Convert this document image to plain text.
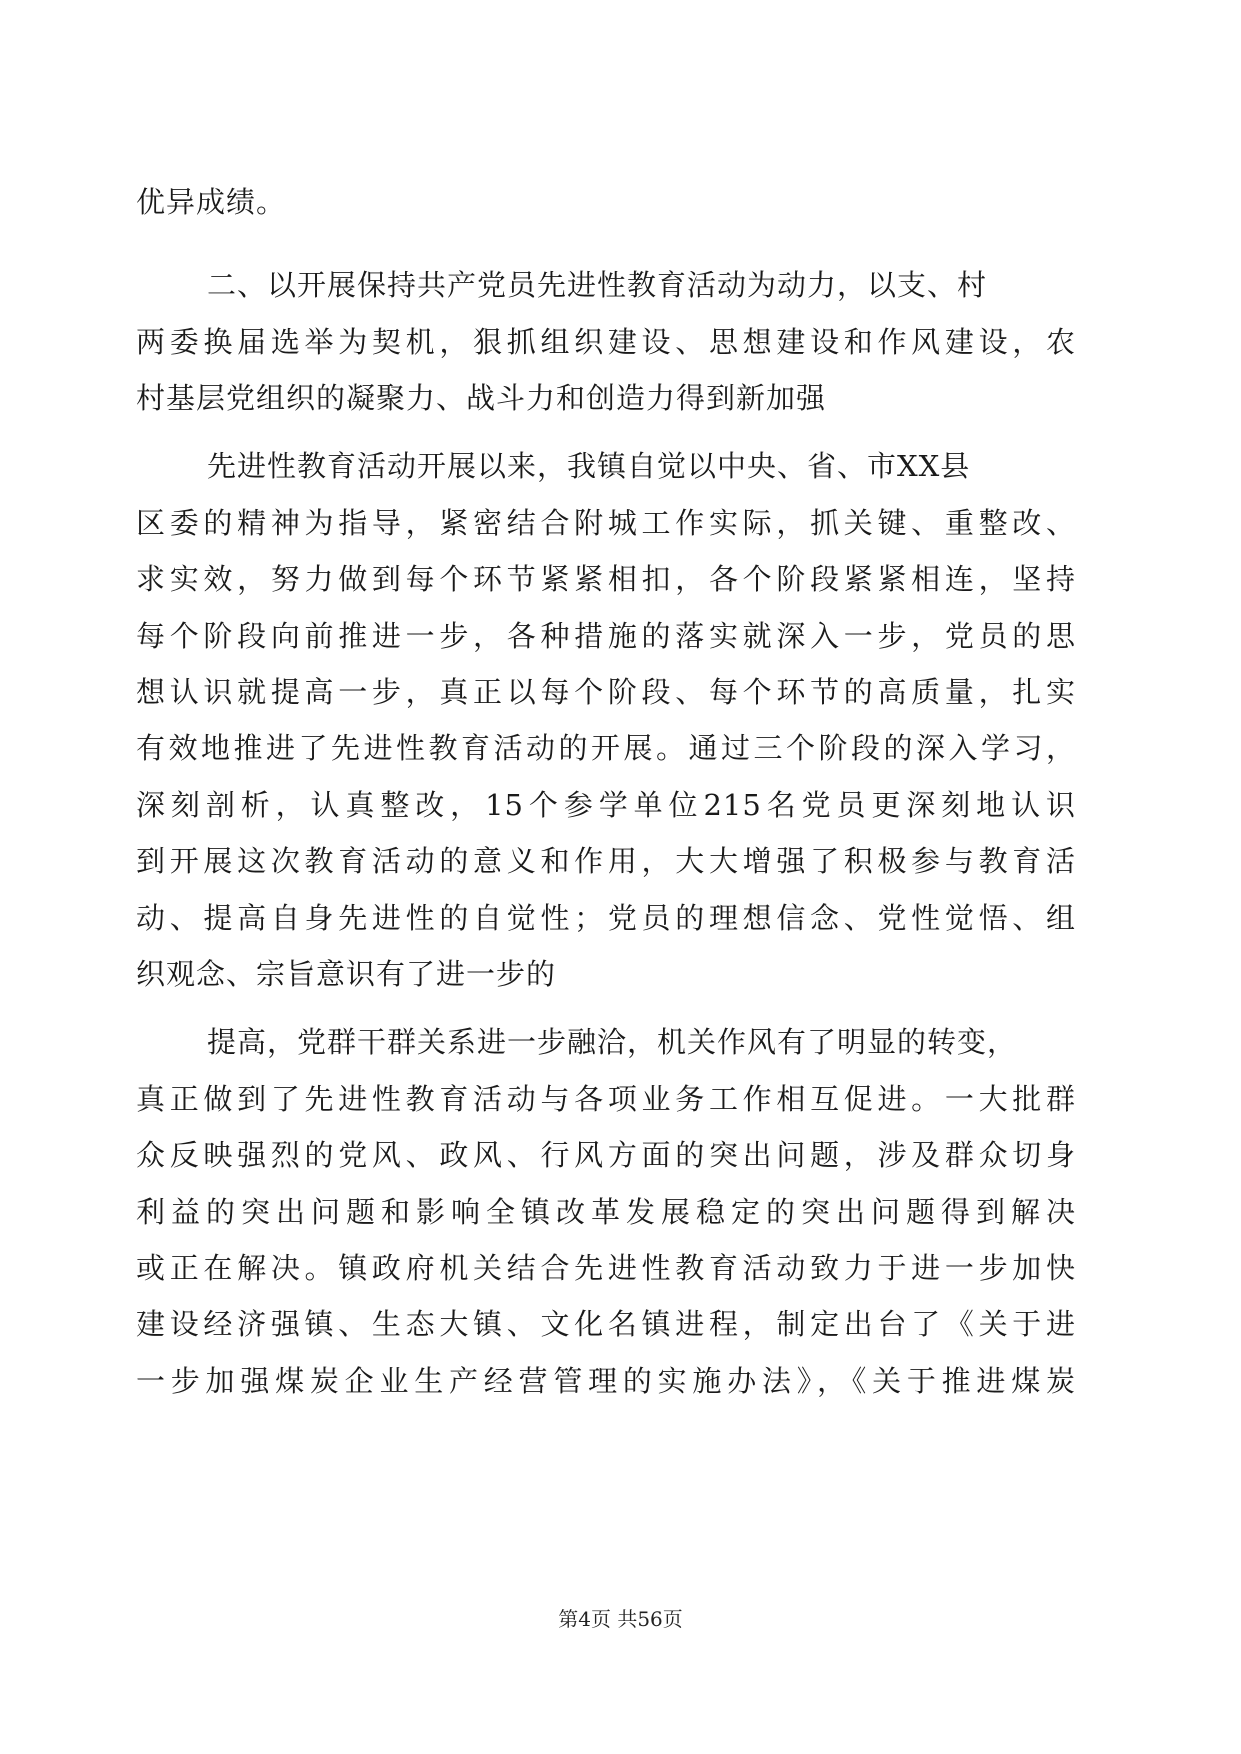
优异成绩。
二、以开展保持共产党员先进性教育活动为动力，以支、村
两委换届选举为契机，狠抓组织建设、思想建设和作风建设，农
村基层党组织的凝聚力、战斗力和创造力得到新加强
先进性教育活动开展以来，我镇自觉以中央、省、市XX县
区委的精神为指导，紧密结合附城工作实际，抓关键、重整改、
求实效，努力做到每个环节紧紧相扣，各个阶段紧紧相连，坚持
每个阶段向前推进一步，各种措施的落实就深入一步，党员的思
想认识就提高一步，真正以每个阶段、每个环节的高质量，扎实
有效地推进了先进性教育活动的开展。通过三个阶段的深入学习，
深刻剖析，认真整改，15个参学单位215名党员更深刻地认识
到开展这次教育活动的意义和作用，大大增强了积极参与教育活
动、提高自身先进性的自觉性；党员的理想信念、党性觉悟、组
织观念、宗旨意识有了进一步的
提高，党群干群关系进一步融洽，机关作风有了明显的转变，
真正做到了先进性教育活动与各项业务工作相互促进。一大批群
众反映强烈的党风、政风、行风方面的突出问题，涉及群众切身
利益的突出问题和影响全镇改革发展稳定的突出问题得到解决
或正在解决。镇政府机关结合先进性教育活动致力于进一步加快
建设经济强镇、生态大镇、文化名镇进程，制定出台了《关于进
一步加强煤炭企业生产经营管理的实施办法》，《关于推进煤炭
第4页 共56页
